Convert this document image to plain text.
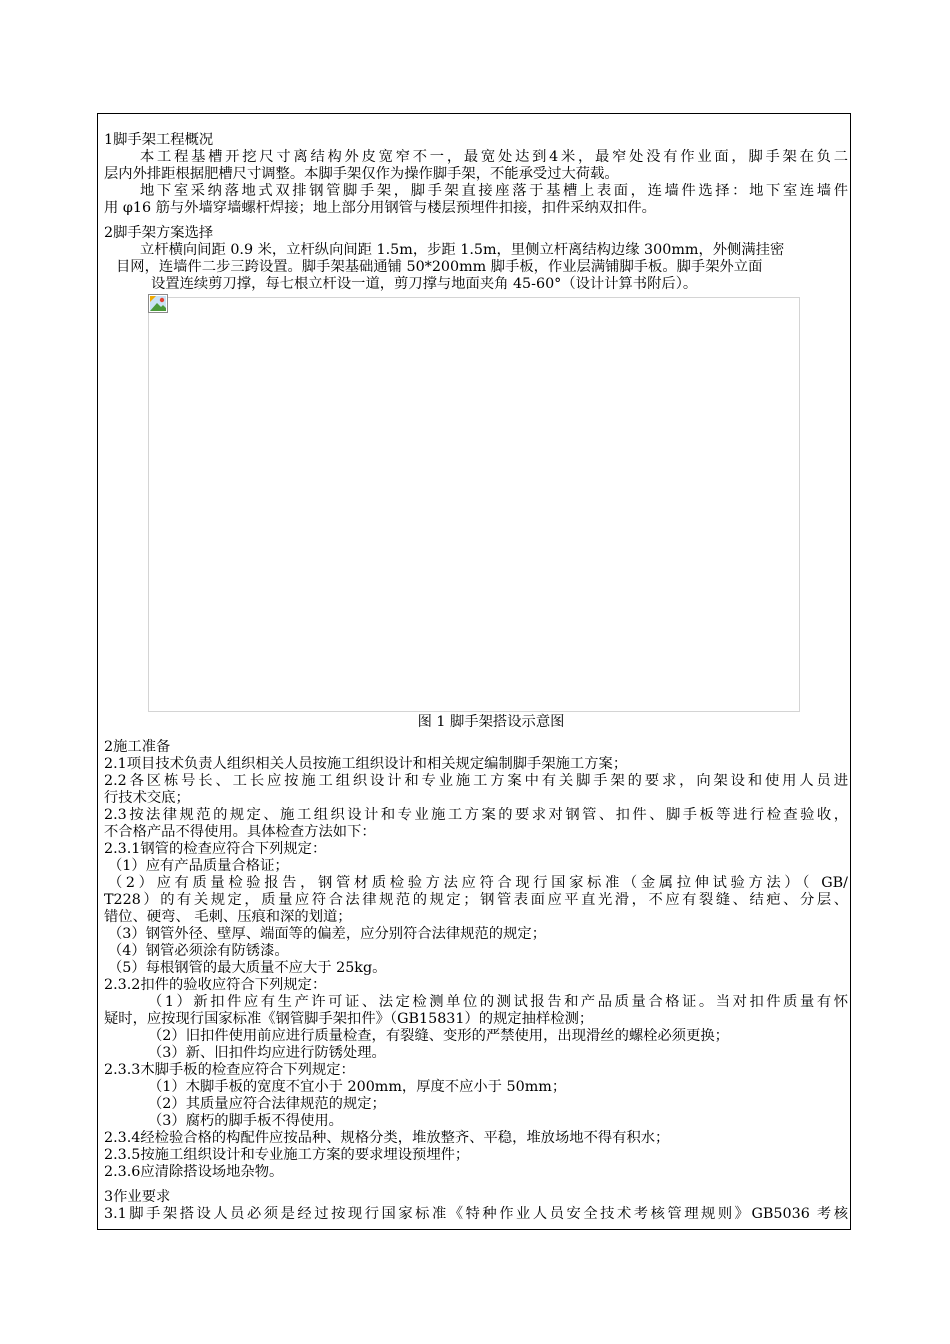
1脚手架工程概况

本工程基槽开挖尺寸离结构外皮宽窄不一，最宽处达到4米，最窄处没有作业面，脚手架在负二

层内外排距根据肥槽尺寸调整。本脚手架仅作为操作脚手架，不能承受过大荷载。

地下室采纳落地式双排钢管脚手架，脚手架直接座落于基槽上表面，连墙件选择：地下室连墙件

用 φ16 筋与外墙穿墙螺杆焊接；地上部分用钢管与楼层预埋件扣接，扣件采纳双扣件。

2脚手架方案选择

立杆横向间距 0.9 米，立杆纵向间距 1.5m，步距 1.5m，里侧立杆离结构边缘 300mm，外侧满挂密

目网，连墙件二步三跨设置。脚手架基础通铺 50*200mm 脚手板，作业层满铺脚手板。脚手架外立面

设置连续剪刀撑，每七根立杆设一道，剪刀撑与地面夹角 45-60°（设计计算书附后）。

图 1 脚手架搭设示意图

2施工准备

2.1项目技术负责人组织相关人员按施工组织设计和相关规定编制脚手架施工方案；

2.2各区栋号长、工长应按施工组织设计和专业施工方案中有关脚手架的要求，向架设和使用人员进

行技术交底；

2.3按法律规范的规定、施工组织设计和专业施工方案的要求对钢管、扣件、脚手板等进行检查验收，

不合格产品不得使用。具体检查方法如下：

2.3.1钢管的检查应符合下列规定：

（1）应有产品质量合格证；

（2）应有质量检验报告，钢管材质检验方法应符合现行国家标准（金属拉伸试验方法）（ GB/

T228）的有关规定，质量应符合法律规范的规定；钢管表面应平直光滑，不应有裂缝、结疤、分层、

错位、硬弯、 毛刺、压痕和深的划道；

（3）钢管外径、壁厚、端面等的偏差，应分别符合法律规范的规定；

（4）钢管必须涂有防锈漆。

（5）每根钢管的最大质量不应大于 25kg。

2.3.2扣件的验收应符合下列规定：

（1）新扣件应有生产许可证、法定检测单位的测试报告和产品质量合格证。当对扣件质量有怀

疑时，应按现行国家标准《钢管脚手架扣件》（GB15831）的规定抽样检测；

（2）旧扣件使用前应进行质量检查，有裂缝、变形的严禁使用，出现滑丝的螺栓必须更换；

（3）新、旧扣件均应进行防锈处理。

2.3.3木脚手板的检查应符合下列规定：

（1）木脚手板的宽度不宜小于 200mm，厚度不应小于 50mm；

（2）其质量应符合法律规范的规定；

（3）腐朽的脚手板不得使用。

2.3.4经检验合格的构配件应按品种、规格分类，堆放整齐、平稳，堆放场地不得有积水；

2.3.5按施工组织设计和专业施工方案的要求埋设预埋件；

2.3.6应清除搭设场地杂物。

3作业要求

3.1脚手架搭设人员必须是经过按现行国家标准《特种作业人员安全技术考核管理规则》GB5036 考核
